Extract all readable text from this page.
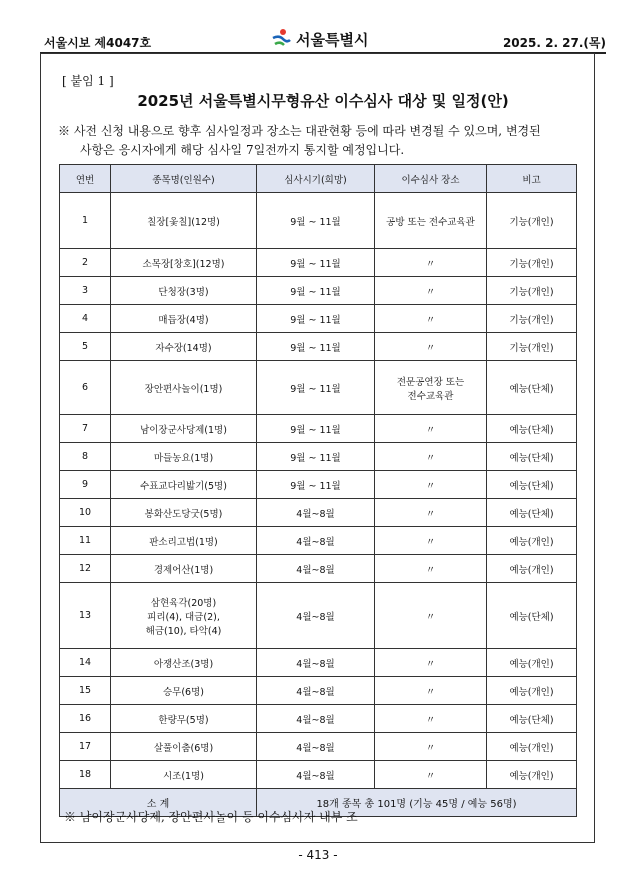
서울시보 제4047호	서울특별시	2025. 2. 27.(목)
[ 붙임 1 ]
2025년 서울특별시무형유산 이수심사 대상 및 일정(안)
※ 사전 신청 내용으로 향후 심사일정과 장소는 대관현황 등에 따라 변경될 수 있으며, 변경된
사항은 응시자에게 해당 심사일 7일전까지 통지할 예정입니다.
연번	종목명(인원수)	심사시기(희망)	이수심사 장소	비고
1	칠장[옻칠](12명)	9월 ~ 11월	공방 또는 전수교육관	기능(개인)
2	소목장[창호](12명)	9월 ~ 11월	〃	기능(개인)
3	단청장(3명)	9월 ~ 11월	〃	기능(개인)
4	매듭장(4명)	9월 ~ 11월	〃	기능(개인)
5	자수장(14명)	9월 ~ 11월	〃	기능(개인)
6	장안편사놀이(1명)	9월 ~ 11월	전문공연장 또는
전수교육관	예능(단체)
7	남이장군사당제(1명)	9월 ~ 11월	〃	예능(단체)
8	마들농요(1명)	9월 ~ 11월	〃	예능(단체)
9	수표교다리밟기(5명)	9월 ~ 11월	〃	예능(단체)
10	봉화산도당굿(5명)	4월~8월	〃	예능(단체)
11	판소리고법(1명)	4월~8월	〃	예능(개인)
12	경제어산(1명)	4월~8월	〃	예능(개인)
13	삼현육각(20명)
피리(4), 대금(2),
해금(10), 타악(4)	4월~8월	〃	예능(단체)
14	아쟁산조(3명)	4월~8월	〃	예능(개인)
15	승무(6명)	4월~8월	〃	예능(개인)
16	한량무(5명)	4월~8월	〃	예능(단체)
17	살풀이춤(6명)	4월~8월	〃	예능(개인)
18	시조(1명)	4월~8월	〃	예능(개인)
소 계		18개 종목 총 101명 (기능 45명 / 예능 56명)		
※ 남이장군사당제, 장안편사놀이 등 이수심사자 내부 조
- 413 -
